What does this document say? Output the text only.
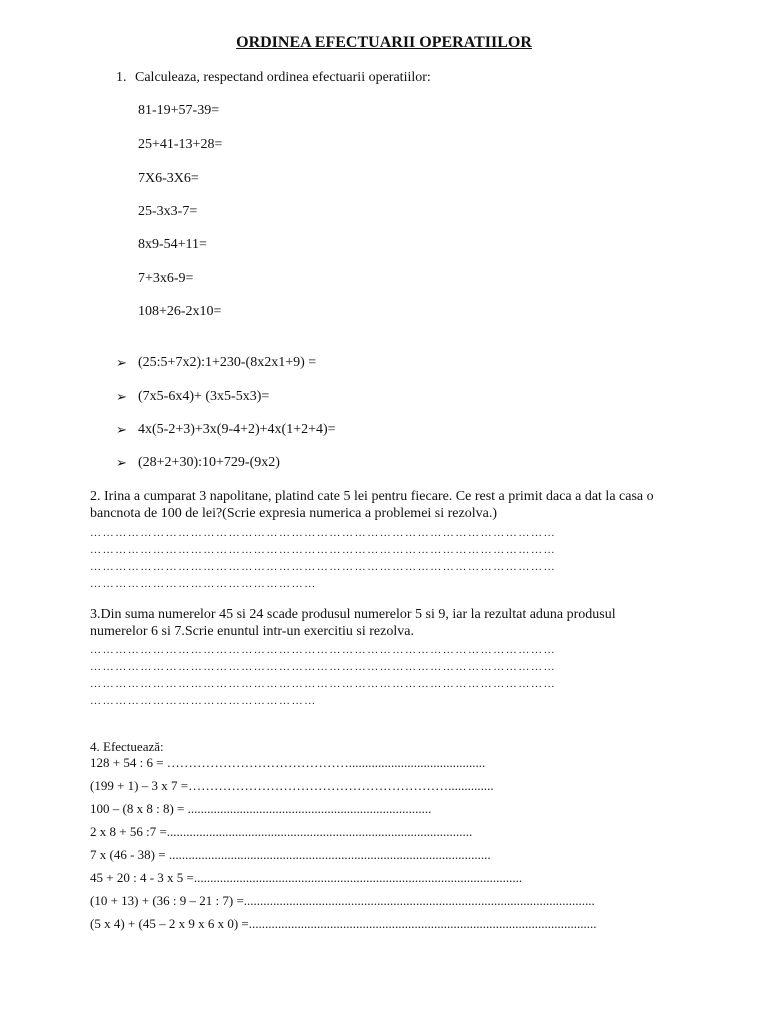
ORDINEA EFECTUARII OPERATIILOR
1. Calculeaza, respectand ordinea efectuarii operatiilor:
81-19+57-39=
25+41-13+28=
7X6-3X6=
25-3x3-7=
8x9-54+11=
7+3x6-9=
108+26-2x10=
➢ (25:5+7x2):1+230-(8x2x1+9) =
➢ (7x5-6x4)+ (3x5-5x3)=
➢ 4x(5-2+3)+3x(9-4+2)+4x(1+2+4)=
➢ (28+2+30):10+729-(9x2)
2. Irina a cumparat 3 napolitane, platind cate 5 lei pentru fiecare. Ce rest a primit daca a dat la casa o bancnota de 100 de lei?(Scrie expresia numerica a problemei si rezolva.)
…………………………………………………………………………………………………
…………………………………………………………………………………………………
…………………………………………………………………………………………………
………………………………………………
3.Din suma numerelor 45 si 24 scade produsul numerelor 5 si 9, iar la rezultat aduna produsul numerelor 6 si 7.Scrie enuntul intr-un exercitiu si rezolva.
…………………………………………………………………………………………………
…………………………………………………………………………………………………
…………………………………………………………………………………………………
………………………………………………
4. Efectuează:
128 + 54 : 6 = ……………………………………..........................................
(199 + 1) – 3 x 7 =……………………………………………………..............
100 – (8 x 8 : 8) = ...........................................................................
2 x 8 + 56 :7 =..............................................................................................
7 x (46 - 38) = ...................................................................................................
45 + 20 : 4 - 3 x 5 =.....................................................................................................
(10 + 13) + (36 : 9 – 21 : 7) =............................................................................................................
(5 x 4) + (45 – 2 x 9 x 6 x 0) =...........................................................................................................
